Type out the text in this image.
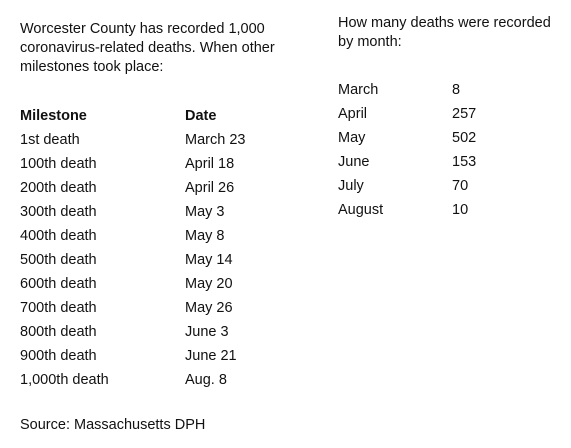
Worcester County has recorded 1,000 coronavirus-related deaths. When other milestones took place:

Milestone	Date
1st death	March 23
100th death	April 18
200th death	April 26
300th death	May 3
400th death	May 8
500th death	May 14
600th death	May 20
700th death	May 26
800th death	June 3
900th death	June 21
1,000th death	Aug. 8

How many deaths were recorded by month:

March	8
April	257
May	502
June	153
July	70
August	10

Source: Massachusetts DPH
